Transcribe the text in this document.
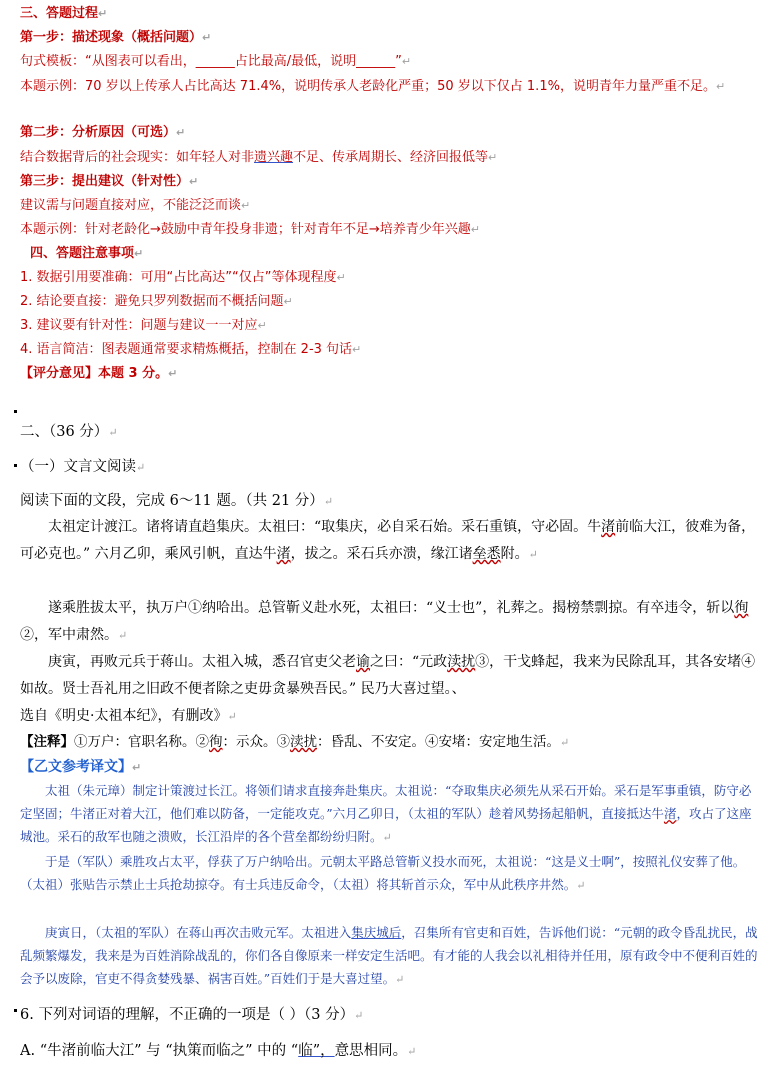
三、答题过程↵
第一步：描述现象（概括问题）↵
句式模板：“从图表可以看出，______占比最高/最低，说明______”↵
本题示例：70 岁以上传承人占比高达 71.4%，说明传承人老龄化严重；50 岁以下仅占 1.1%，说明青年力量严重不足。↵
第二步：分析原因（可选）↵
结合数据背后的社会现实：如年轻人对非遗兴趣不足、传承周期长、经济回报低等↵
第三步：提出建议（针对性）↵
建议需与问题直接对应，不能泛泛而谈↵
本题示例：针对老龄化→鼓励中青年投身非遗；针对青年不足→培养青少年兴趣↵
四、答题注意事项↵
1. 数据引用要准确：可用“占比高达”“仅占”等体现程度↵
2. 结论要直接：避免只罗列数据而不概括问题↵
3. 建议要有针对性：问题与建议一一对应↵
4. 语言简洁：图表题通常要求精炼概括，控制在 2-3 句话↵
【评分意见】本题 3 分。↵
二、（36 分）↵
（一）文言文阅读↵
阅读下面的文段，完成 6～11 题。（共 21 分）↵
太祖定计渡江。诸将请直趋集庆。太祖曰：“取集庆，必自采石始。采石重镇，守必固。牛渚前临大江，彼难为备，可必克也。” 六月乙卯，乘风引帆，直达牛渚，拔之。采石兵亦溃，缘江诸垒悉附。↵
遂乘胜拔太平，执万户①纳哈出。总管靳义赴水死，太祖曰：“义士也”，礼葬之。揭榜禁剽掠。有卒违令，斩以徇②，军中肃然。↵
庚寅，再败元兵于蒋山。太祖入城，悉召官吏父老谕之曰：“元政渎扰③，干戈蜂起，我来为民除乱耳，其各安堵④如故。贤士吾礼用之旧政不便者除之吏毋贪暴殃吾民。” 民乃大喜过望。、
选自《明史·太祖本纪》，有删改》↵
【注释】①万户：官职名称。②徇：示众。③渎扰：昏乱、不安定。④安堵：安定地生活。↵
【乙文参考译文】↵
太祖（朱元璋）制定计策渡过长江。将领们请求直接奔赴集庆。太祖说：“夺取集庆必须先从采石开始。采石是军事重镇，防守必定坚固；牛渚正对着大江，他们难以防备，一定能攻克。”六月乙卯日，（太祖的军队）趁着风势扬起船帆，直接抵达牛渚，攻占了这座城池。采石的敌军也随之溃败，长江沿岸的各个营垒都纷纷归附。↵
于是（军队）乘胜攻占太平，俘获了万户纳哈出。元朝太平路总管靳义投水而死，太祖说：“这是义士啊”，按照礼仪安葬了他。（太祖）张贴告示禁止士兵抢劫掠夺。有士兵违反命令，（太祖）将其斩首示众，军中从此秩序井然。↵
庚寅日，（太祖的军队）在蒋山再次击败元军。太祖进入集庆城后，召集所有官吏和百姓，告诉他们说：“元朝的政令昏乱扰民，战乱频繁爆发，我来是为百姓消除战乱的，你们各自像原来一样安定生活吧。有才能的人我会以礼相待并任用，原有政令中不便利百姓的会予以废除，官吏不得贪婪残暴、祸害百姓。”百姓们于是大喜过望。↵
6. 下列对词语的理解，不正确的一项是（ ）（3 分）↵
A. “牛渚前临大江” 与 “执策而临之” 中的 “临”，意思相同。↵
